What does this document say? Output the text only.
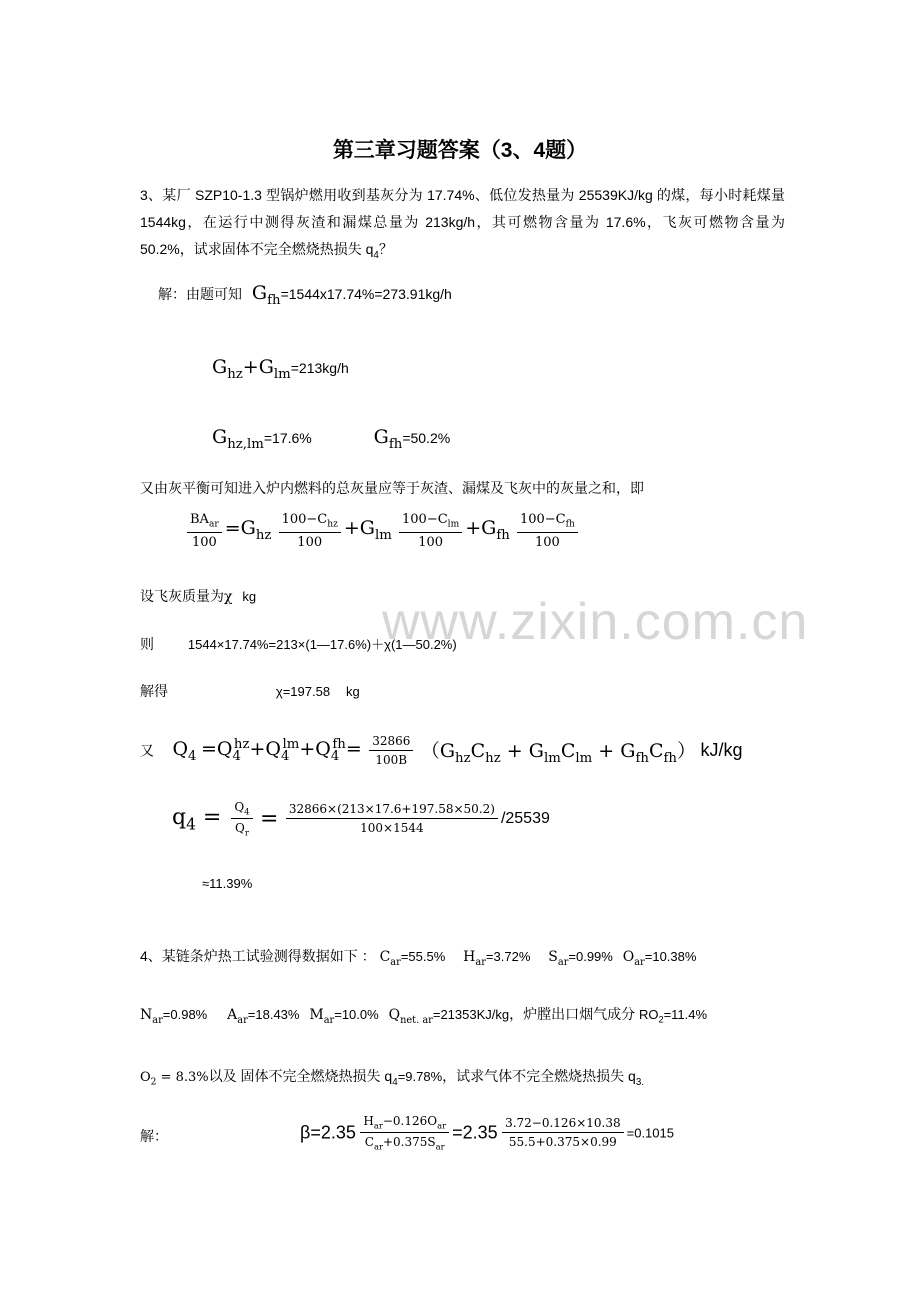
www.zixin.com.cn
第三章习题答案（3、4题）
3、某厂 SZP10-1.3 型锅炉燃用收到基灰分为 17.74%、低位发热量为 25539KJ/kg 的煤，每小时耗煤量 1544kg，在运行中测得灰渣和漏煤总量为 213kg/h，其可燃物含量为 17.6%，飞灰可燃物含量为 50.2%，试求固体不完全燃烧热损失 $q_4$？
解：由题可知 $G_{fh}=1544x17.74\%=273.91kg/h$
$G_{hz}+G_{lm}=213kg/h$
$G_{hz,lm}=17.6\%$	$G_{fh}=50.2\%$
又由灰平衡可知进入炉内燃料的总灰量应等于灰渣、漏煤及飞灰中的灰量之和，即
$\frac{BA_{ar}}{100} =G_{hz} \frac{100-C_{hz}}{100} +G_{lm} \frac{100-C_{lm}}{100} +G_{fh} \frac{100-C_{fh}}{100}$
设飞灰质量为χ kg
则	1544×17.74%=213×(1—17.6%)＋χ(1—50.2%)
解得	χ=197.58 kg
又 $Q_4 =Q_4^{hz}+Q_4^{lm}+Q_4^{fh}= \frac{32866}{100B} (G_{hz}C_{hz} + G_{lm}C_{lm} + G_{fh}C_{fh})$ kJ/kg
$q_4 = \frac{Q_4}{Q_r} = \frac{32866\times(213\times 17.6+197.58\times 50.2)}{100\times 1544} /25539$
≈11.39%
4、某链条炉热工试验测得数据如下 ： $C_{ar}=55.5\%$ $H_{ar}=3.72\%$ $S_{ar}=0.99\%$ $O_{ar}=10.38\%$
$N_{ar}=0.98\%$ $A_{ar}=18.43\%$ $M_{ar}=10.0\%$ $Q_{net. ar}=21353KJ/kg$，炉膛出口烟气成分 $RO_2=11.4\%$
$O_2 = 8.3\%$以及 固体不完全燃烧热损失 $q_4=9.78\%$，试求气体不完全燃烧热损失 $q_{3.}$
解：	$\beta=2.35 \frac{H_{ar}-0.126O_{ar}}{C_{ar}+0.375S_{ar}} =2.35 \frac{3.72-0.126\times 10.38}{55.5+0.375\times 0.99} =0.1015$
